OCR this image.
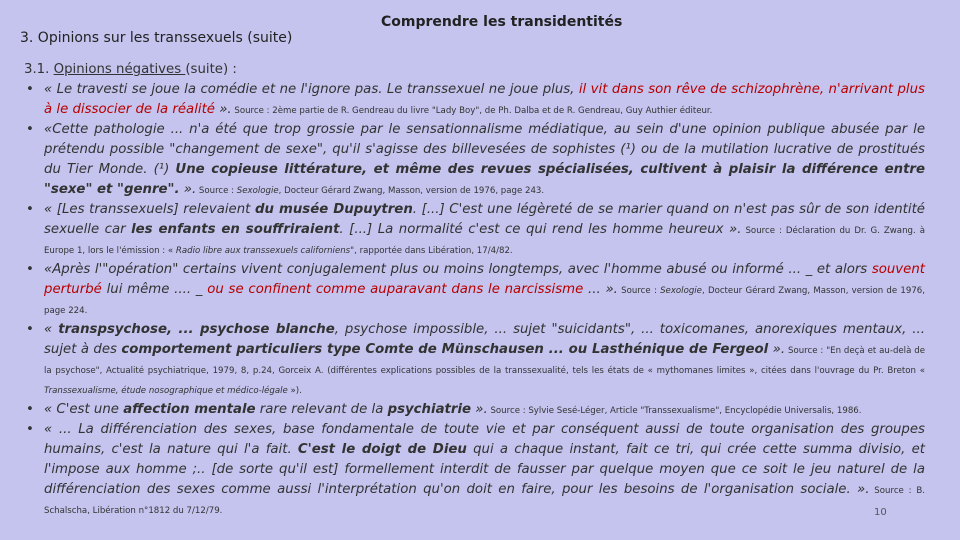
3. Opinions sur les transsexuels (suite)
Comprendre les transidentités

3.1. Opinions négatives (suite) :

• « Le travesti se joue la comédie et ne l'ignore pas. Le transsexuel ne joue plus, il vit dans son rêve de schizophrène, n'arrivant plus à le dissocier de la réalité ». Source : 2ème partie de R. Gendreau du livre "Lady Boy", de Ph. Dalba et de R. Gendreau, Guy Authier éditeur.
• «Cette pathologie ... n'a été que trop grossie par le sensationnalisme médiatique, au sein d'une opinion publique abusée par le prétendu possible "changement de sexe", qu'il s'agisse des billevesées de sophistes (¹) ou de la mutilation lucrative de prostitués du Tier Monde. (¹) Une copieuse littérature, et même des revues spécialisées, cultivent à plaisir la différence entre "sexe" et "genre". ». Source : Sexologie, Docteur Gérard Zwang, Masson, version de 1976, page 243.
• « [Les transsexuels] relevaient du musée Dupuytren. [...] C'est une légèreté de se marier quand on n'est pas sûr de son identité sexuelle car les enfants en souffriraient. [...] La normalité c'est ce qui rend les homme heureux ». Source : Déclaration du Dr. G. Zwang. à Europe 1, lors le l'émission : « Radio libre aux transsexuels californiens", rapportée dans Libération, 17/4/82.
• «Après l'"opération" certains vivent conjugalement plus ou moins longtemps, avec l'homme abusé ou informé ... _ et alors souvent perturbé lui même .... _ ou se confinent comme auparavant dans le narcissisme ... ». Source : Sexologie, Docteur Gérard Zwang, Masson, version de 1976, page 224.
• « transpsychose, ... psychose blanche, psychose impossible, ... sujet "suicidants", ... toxicomanes, anorexiques mentaux, ... sujet à des comportement particuliers type Comte de Münschausen ... ou Lasthénique de Fergeol ». Source : "En deçà et au-delà de la psychose", Actualité psychiatrique, 1979, 8, p.24, Gorceix A. (différentes explications possibles de la transsexualité, tels les états de « mythomanes limites », citées dans l'ouvrage du Pr. Breton « Transsexualisme, étude nosographique et médico-légale »).
• « C'est une affection mentale rare relevant de la psychiatrie ». Source : Sylvie Sesé-Léger, Article "Transsexualisme", Encyclopédie Universalis, 1986.
• « ... La différenciation des sexes, base fondamentale de toute vie et par conséquent aussi de toute organisation des groupes humains, c'est la nature qui l'a fait. C'est le doigt de Dieu qui a chaque instant, fait ce tri, qui crée cette summa divisio, et l'impose aux homme ;.. [de sorte qu'il est] formellement interdit de fausser par quelque moyen que ce soit le jeu naturel de la différenciation des sexes comme aussi l'interprétation qu'on doit en faire, pour les besoins de l'organisation sociale. ». Source : B. Schalscha, Libération n°1812 du 7/12/79.	10
